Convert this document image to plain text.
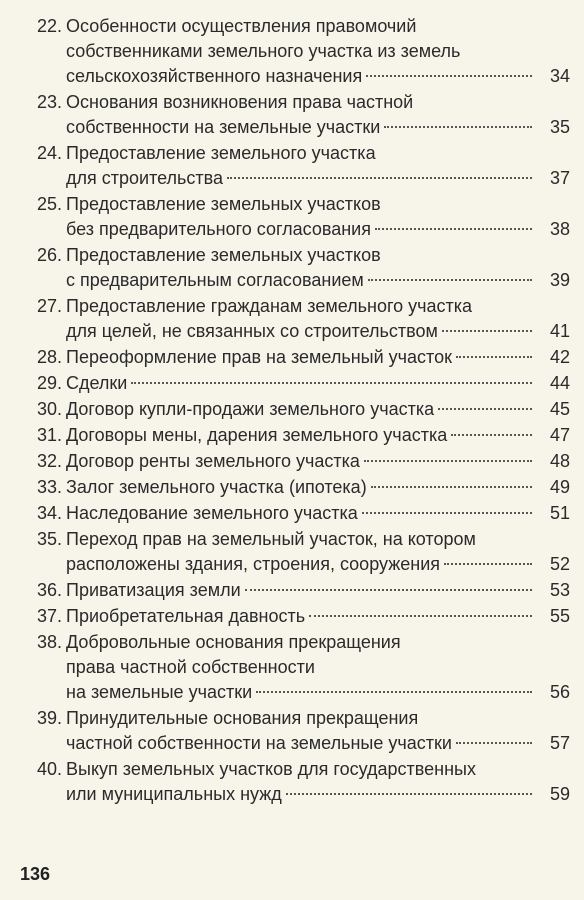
22. Особенности осуществления правомочий
собственниками земельного участка из земель
сельскохозяйственного назначения	34
23. Основания возникновения права частной
собственности на земельные участки	35
24. Предоставление земельного участка
для строительства	37
25. Предоставление земельных участков
без предварительного согласования	38
26. Предоставление земельных участков
с предварительным согласованием	39
27. Предоставление гражданам земельного участка
для целей, не связанных со строительством	41
28. Переоформление прав на земельный участок	42
29. Сделки	44
30. Договор купли-продажи земельного участка	45
31. Договоры мены, дарения земельного участка	47
32. Договор ренты земельного участка	48
33. Залог земельного участка (ипотека)	49
34. Наследование земельного участка	51
35. Переход прав на земельный участок, на котором
расположены здания, строения, сооружения	52
36. Приватизация земли	53
37. Приобретательная давность	55
38. Добровольные основания прекращения
права частной собственности
на земельные участки	56
39. Принудительные основания прекращения
частной собственности на земельные участки	57
40. Выкуп земельных участков для государственных
или муниципальных нужд	59
136
